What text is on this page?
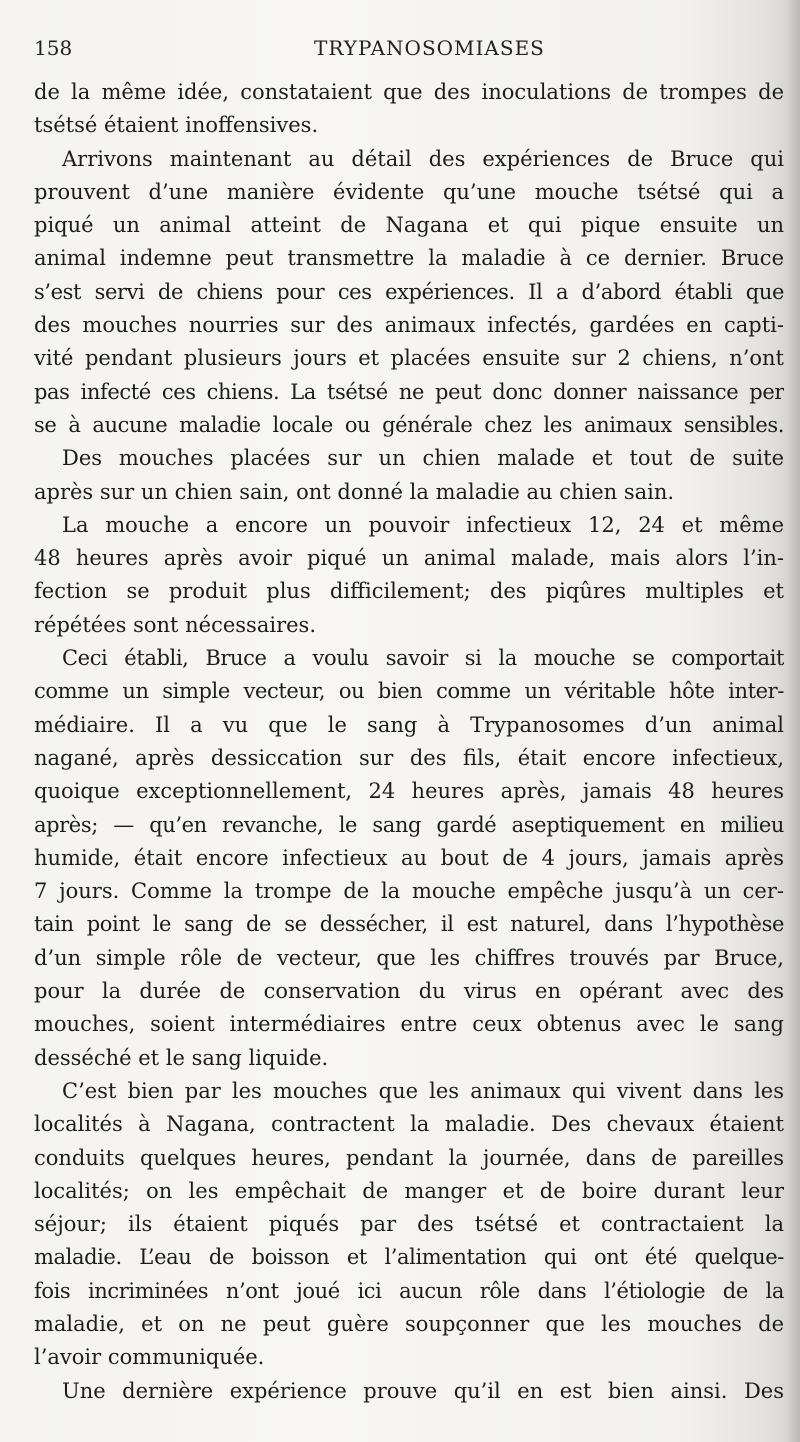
158	TRYPANOSOMIASES
de la même idée, constataient que des inoculations de trompes de
tsétsé étaient inoffensives.
Arrivons maintenant au détail des expériences de Bruce qui
prouvent d’une manière évidente qu’une mouche tsétsé qui a
piqué un animal atteint de Nagana et qui pique ensuite un
animal indemne peut transmettre la maladie à ce dernier. Bruce
s’est servi de chiens pour ces expériences. Il a d’abord établi que
des mouches nourries sur des animaux infectés, gardées en capti-
vité pendant plusieurs jours et placées ensuite sur 2 chiens, n’ont
pas infecté ces chiens. La tsétsé ne peut donc donner naissance per
se à aucune maladie locale ou générale chez les animaux sensibles.
Des mouches placées sur un chien malade et tout de suite
après sur un chien sain, ont donné la maladie au chien sain.
La mouche a encore un pouvoir infectieux 12, 24 et même
48 heures après avoir piqué un animal malade, mais alors l’in-
fection se produit plus difficilement; des piqûres multiples et
répétées sont nécessaires.
Ceci établi, Bruce a voulu savoir si la mouche se comportait
comme un simple vecteur, ou bien comme un véritable hôte inter-
médiaire. Il a vu que le sang à Trypanosomes d’un animal
nagané, après dessiccation sur des fils, était encore infectieux,
quoique exceptionnellement, 24 heures après, jamais 48 heures
après; — qu’en revanche, le sang gardé aseptiquement en milieu
humide, était encore infectieux au bout de 4 jours, jamais après
7 jours. Comme la trompe de la mouche empêche jusqu’à un cer-
tain point le sang de se dessécher, il est naturel, dans l’hypothèse
d’un simple rôle de vecteur, que les chiffres trouvés par Bruce,
pour la durée de conservation du virus en opérant avec des
mouches, soient intermédiaires entre ceux obtenus avec le sang
desséché et le sang liquide.
C’est bien par les mouches que les animaux qui vivent dans les
localités à Nagana, contractent la maladie. Des chevaux étaient
conduits quelques heures, pendant la journée, dans de pareilles
localités; on les empêchait de manger et de boire durant leur
séjour; ils étaient piqués par des tsétsé et contractaient la
maladie. L’eau de boisson et l’alimentation qui ont été quelque-
fois incriminées n’ont joué ici aucun rôle dans l’étiologie de la
maladie, et on ne peut guère soupçonner que les mouches de
l’avoir communiquée.
Une dernière expérience prouve qu’il en est bien ainsi. Des
